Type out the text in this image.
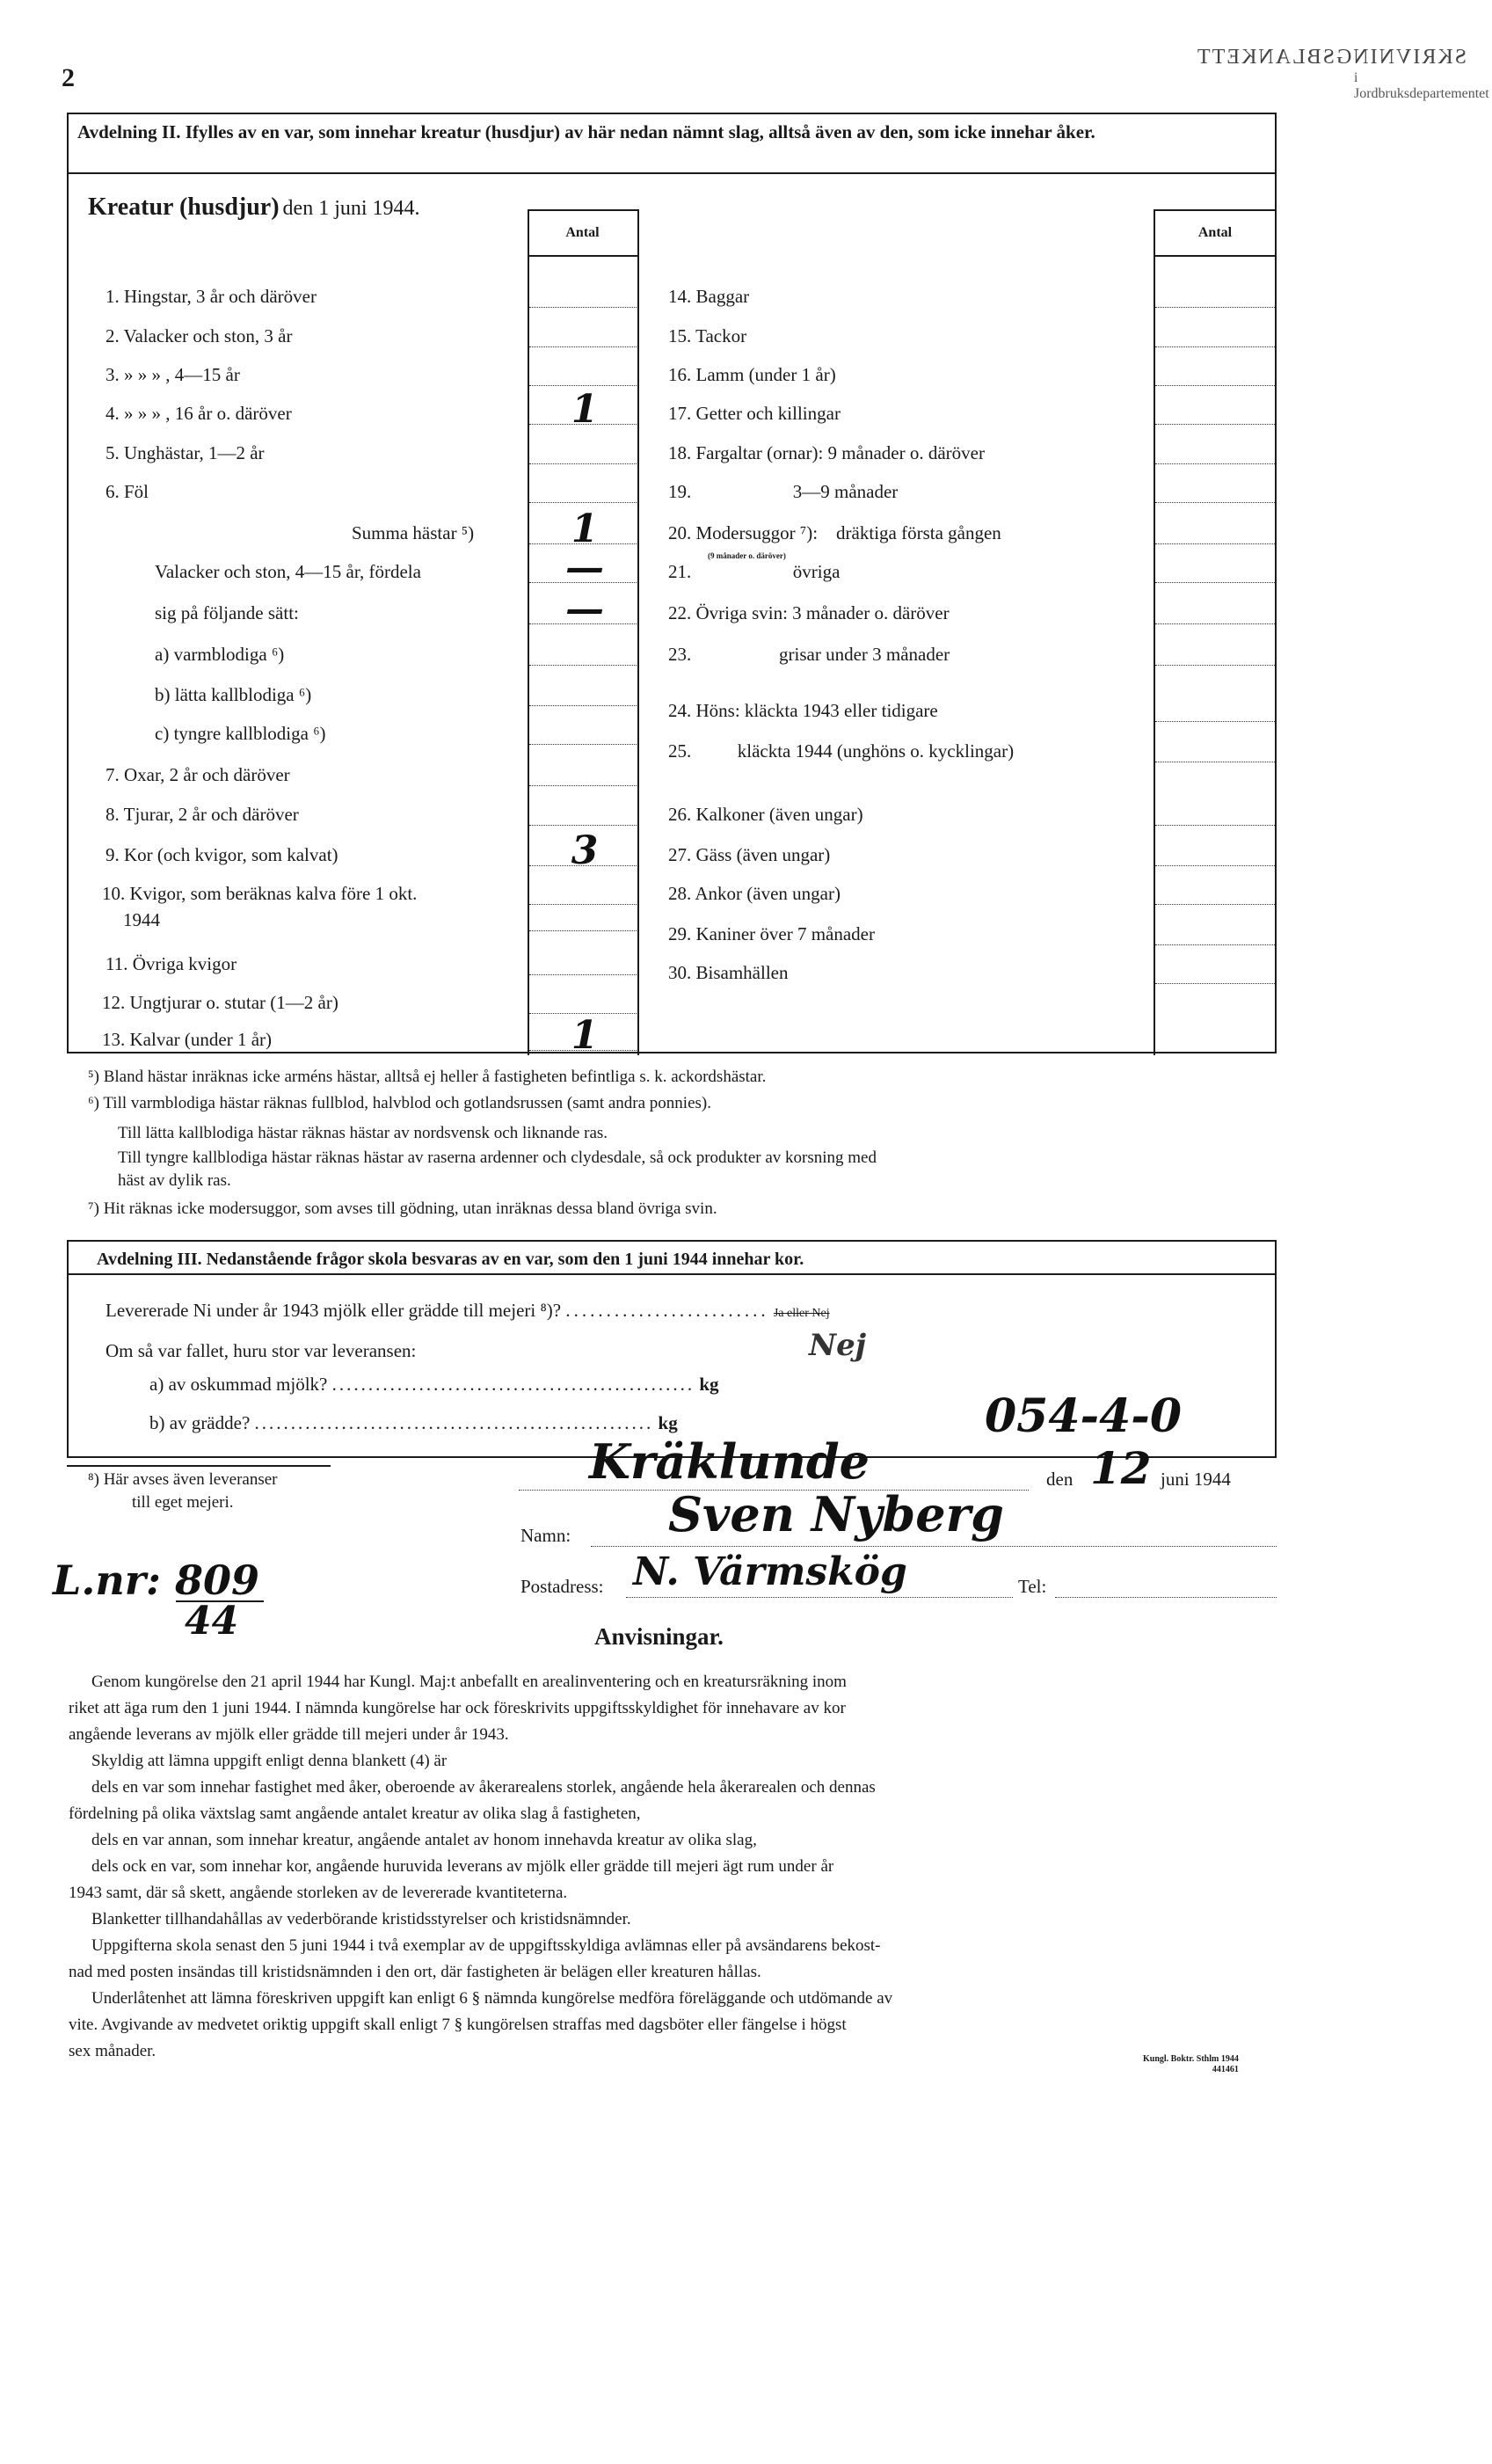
2
SKRIVNINGSBLANKETT
i Jordbruksdepartementet
Avdelning II. Ifylles av en var, som innehar kreatur (husdjur) av här nedan nämnt slag, alltså även av den, som icke innehar åker.
Kreatur (husdjur) den 1 juni 1944.
Antal	Antal
1. Hingstar, 3 år och däröver
2. Valacker och ston, 3 år
3. » » » , 4—15 år
4. » » » , 16 år o. däröver	1
5. Unghästar, 1—2 år
6. Föl
Summa hästar ⁵)	1
Valacker och ston, 4—15 år, fördela	—
sig på följande sätt:	—
a) varmblodiga ⁶)
b) lätta kallblodiga ⁶)
c) tyngre kallblodiga ⁶)
7. Oxar, 2 år och däröver
8. Tjurar, 2 år och däröver
9. Kor (och kvigor, som kalvat)	3
10. Kvigor, som beräknas kalva före 1 okt.
1944
11. Övriga kvigor
12. Ungtjurar o. stutar (1—2 år)
13. Kalvar (under 1 år)	1
14. Baggar
15. Tackor
16. Lamm (under 1 år)
17. Getter och killingar
18. Fargaltar (ornar): 9 månader o. däröver
19.                      3—9 månader
20. Modersuggor ⁷):    dräktiga första gången
21.                      övriga
22. Övriga svin: 3 månader o. däröver
23.                   grisar under 3 månader
24. Höns: kläckta 1943 eller tidigare
25.          kläckta 1944 (unghöns o. kycklingar)
26. Kalkoner (även ungar)
27. Gäss (även ungar)
28. Ankor (även ungar)
29. Kaniner över 7 månader
30. Bisamhällen
(9 månader o. däröver)
⁵) Bland hästar inräknas icke arméns hästar, alltså ej heller å fastigheten befintliga s. k. ackordshästar.
⁶) Till varmblodiga hästar räknas fullblod, halvblod och gotlandsrussen (samt andra ponnies).
Till lätta kallblodiga hästar räknas hästar av nordsvensk och liknande ras.
Till tyngre kallblodiga hästar räknas hästar av raserna ardenner och clydesdale, så ock produkter av korsning med
häst av dylik ras.
⁷) Hit räknas icke modersuggor, som avses till gödning, utan inräknas dessa bland övriga svin.
Avdelning III. Nedanstående frågor skola besvaras av en var, som den 1 juni 1944 innehar kor.
Levererade Ni under år 1943 mjölk eller grädde till mejeri ⁸)? ......................... Ja eller Nej
Om så var fallet, huru stor var leveransen:
a) av oskummad mjölk? .................................................. kg
b) av grädde? ....................................................... kg
Nej
054-4-0
⁸) Här avses även leveranser
till eget mejeri.
Kräklunde	den 12 juni 1944
Namn: Sven Nyberg
Postadress: N. Värmskög	Tel:
L.nr: 809
44	Anvisningar.
Genom kungörelse den 21 april 1944 har Kungl. Maj:t anbefallt en arealinventering och en kreatursräkning inom
riket att äga rum den 1 juni 1944. I nämnda kungörelse har ock föreskrivits uppgiftsskyldighet för innehavare av kor
angående leverans av mjölk eller grädde till mejeri under år 1943.
Skyldig att lämna uppgift enligt denna blankett (4) är
dels en var som innehar fastighet med åker, oberoende av åkerarealens storlek, angående hela åkerarealen och dennas
fördelning på olika växtslag samt angående antalet kreatur av olika slag å fastigheten,
dels en var annan, som innehar kreatur, angående antalet av honom innehavda kreatur av olika slag,
dels ock en var, som innehar kor, angående huruvida leverans av mjölk eller grädde till mejeri ägt rum under år
1943 samt, där så skett, angående storleken av de levererade kvantiteterna.
Blanketter tillhandahållas av vederbörande kristidsstyrelser och kristidsnämnder.
Uppgifterna skola senast den 5 juni 1944 i två exemplar av de uppgiftsskyldiga avlämnas eller på avsändarens bekost-
nad med posten insändas till kristidsnämnden i den ort, där fastigheten är belägen eller kreaturen hållas.
Underlåtenhet att lämna föreskriven uppgift kan enligt 6 § nämnda kungörelse medföra föreläggande och utdömande av
vite. Avgivande av medvetet oriktig uppgift skall enligt 7 § kungörelsen straffas med dagsböter eller fängelse i högst
sex månader.	Kungl. Boktr. Sthlm 1944
441461
